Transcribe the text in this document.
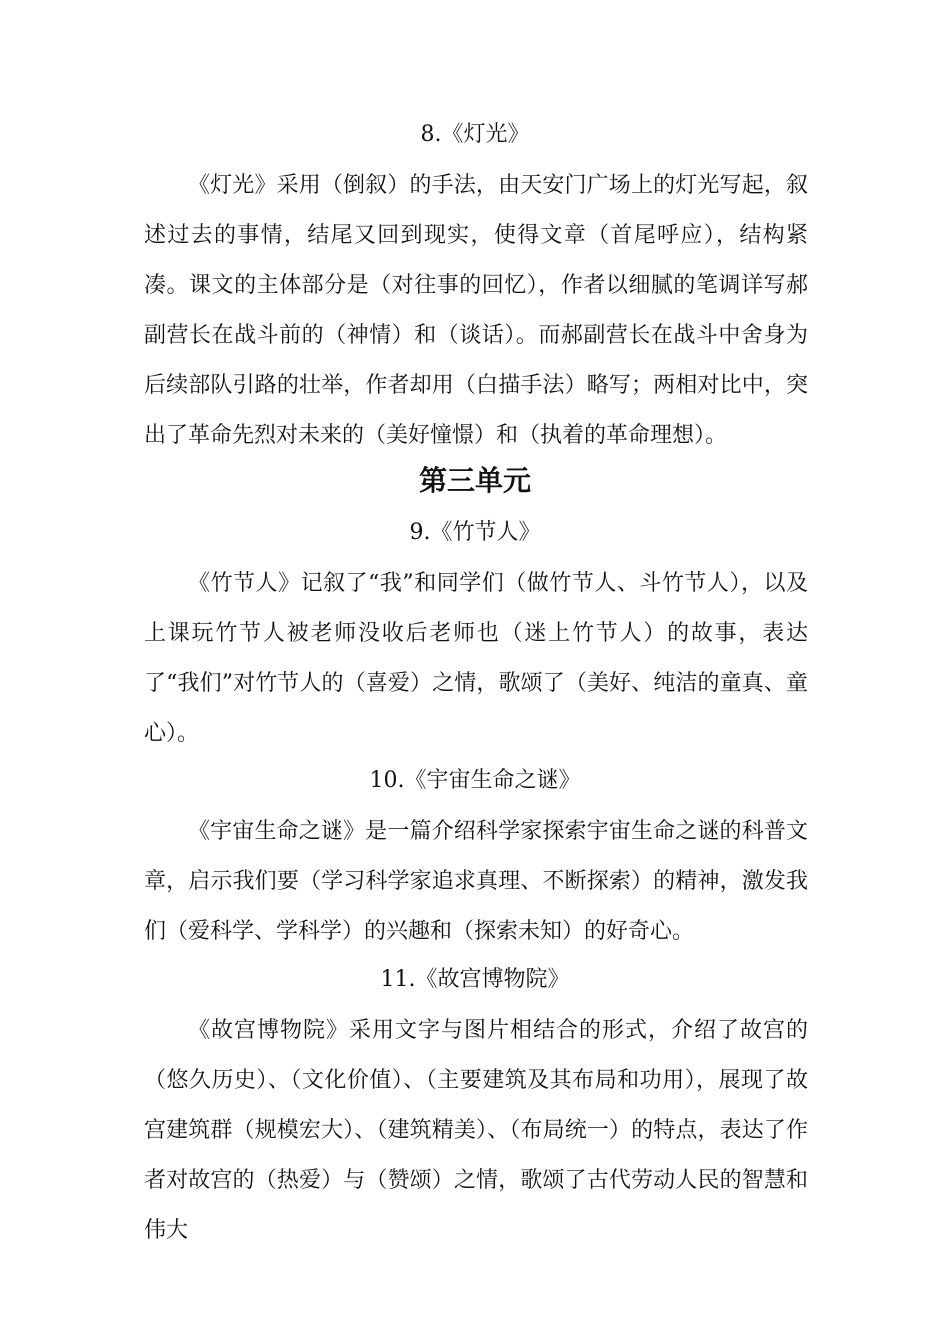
8.《灯光》

《灯光》采用（倒叙）的手法，由天安门广场上的灯光写起，叙述过去的事情，结尾又回到现实，使得文章（首尾呼应），结构紧凑。课文的主体部分是（对往事的回忆），作者以细腻的笔调详写郝副营长在战斗前的（神情）和（谈话）。而郝副营长在战斗中舍身为后续部队引路的壮举，作者却用（白描手法）略写；两相对比中，突出了革命先烈对未来的（美好憧憬）和（执着的革命理想）。

第三单元
9.《竹节人》

《竹节人》记叙了“我”和同学们（做竹节人、斗竹节人），以及上课玩竹节人被老师没收后老师也（迷上竹节人）的故事，表达了“我们”对竹节人的（喜爱）之情，歌颂了（美好、纯洁的童真、童心）。

10.《宇宙生命之谜》

《宇宙生命之谜》是一篇介绍科学家探索宇宙生命之谜的科普文章，启示我们要（学习科学家追求真理、不断探索）的精神，激发我们（爱科学、学科学）的兴趣和（探索未知）的好奇心。

11.《故宫博物院》

《故宫博物院》采用文字与图片相结合的形式，介绍了故宫的（悠久历史）、（文化价值）、（主要建筑及其布局和功用），展现了故宫建筑群（规模宏大）、（建筑精美）、（布局统一）的特点，表达了作者对故宫的（热爱）与（赞颂）之情，歌颂了古代劳动人民的智慧和伟大
